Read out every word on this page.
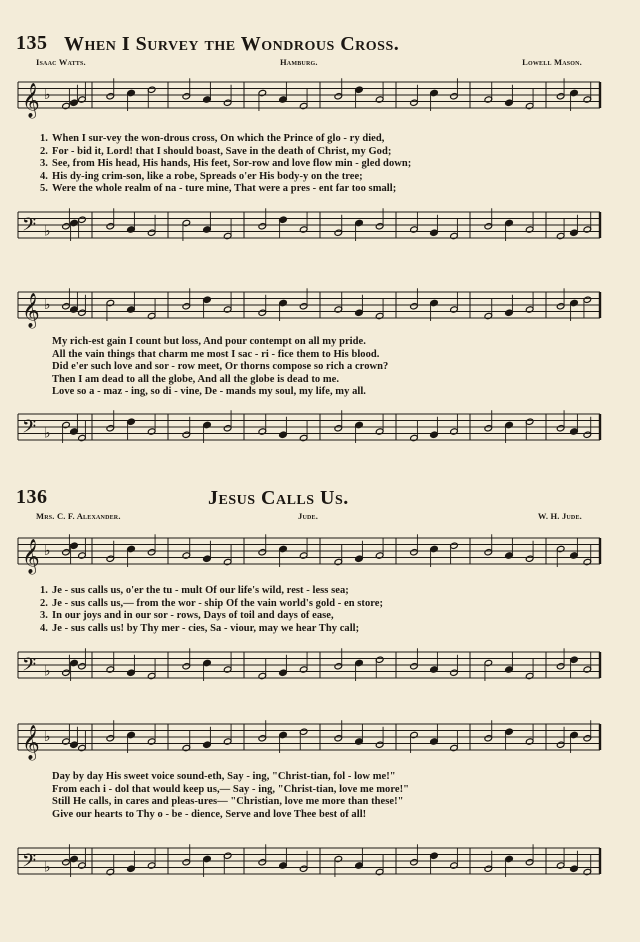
135 When I Survey the Wondrous Cross.
Isaac Watts.	Hamburg.	Lowell Mason.
𝄞 ♭
1. When I sur-vey the won-drous cross, On which the Prince of glo - ry died,
2. For - bid it, Lord! that I should boast, Save in the death of Christ, my God;
3. See, from His head, His hands, His feet, Sor-row and love flow min - gled down;
4. His dy-ing crim-son, like a robe, Spreads o'er His body-y on the tree;
5. Were the whole realm of na - ture mine, That were a pres - ent far too small;
𝄢 ♭
𝄞 ♭
My rich-est gain I count but loss, And pour contempt on all my pride.
All the vain things that charm me most I sac - ri - fice them to His blood.
Did e'er such love and sor - row meet, Or thorns compose so rich a crown?
Then I am dead to all the globe, And all the globe is dead to me.
Love so a - maz - ing, so di - vine, De - mands my soul, my life, my all.
𝄢 ♭
136	Jesus Calls Us.
Mrs. C. F. Alexander.	Jude.	W. H. Jude.
𝄞 ♭
1. Je - sus calls us, o'er the tu - mult Of our life's wild, rest - less sea;
2. Je - sus calls us,— from the wor - ship Of the vain world's gold - en store;
3. In our joys and in our sor - rows, Days of toil and days of ease,
4. Je - sus calls us! by Thy mer - cies, Sa - viour, may we hear Thy call;
𝄢 ♭
𝄞 ♭
Day by day His sweet voice sound-eth, Say - ing, "Christ-tian, fol - low me!"
From each i - dol that would keep us,— Say - ing, "Christ-tian, love me more!"
Still He calls, in cares and pleas-ures— "Christian, love me more than these!"
Give our hearts to Thy o - be - dience, Serve and love Thee best of all!
𝄢 ♭
